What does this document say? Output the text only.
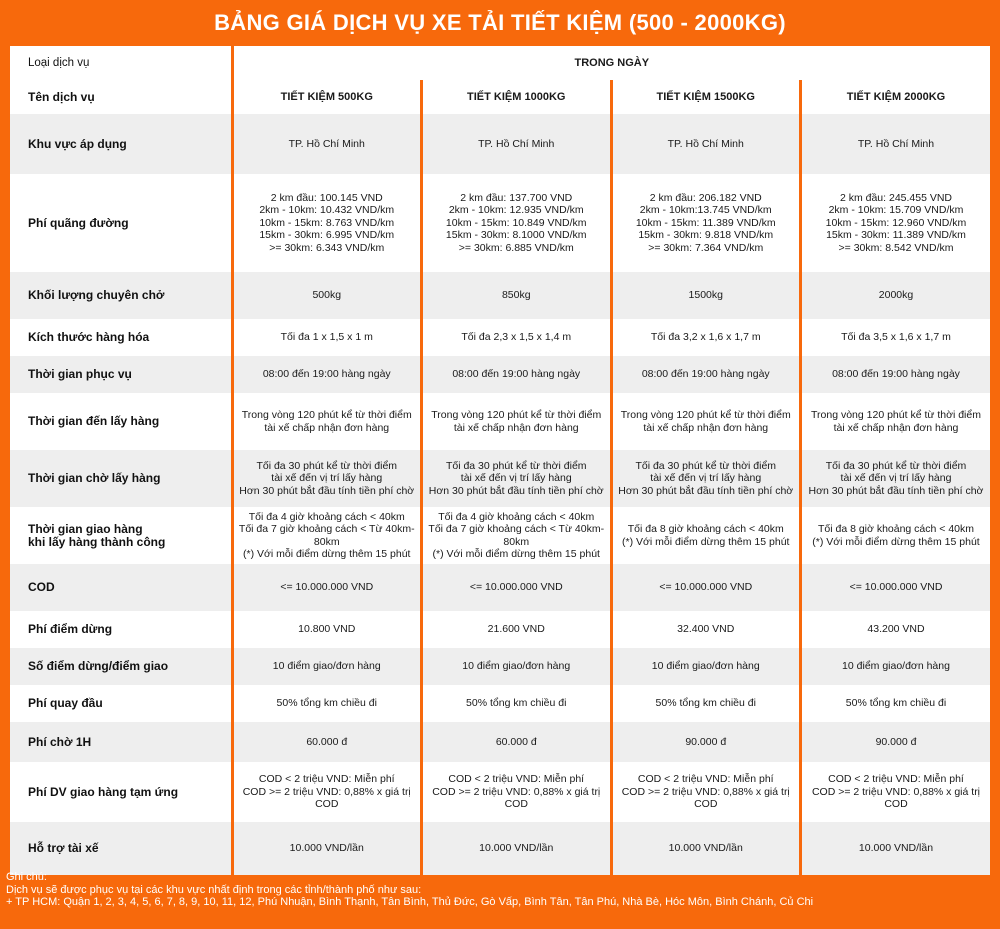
BẢNG GIÁ DỊCH VỤ XE TẢI TIẾT KIỆM (500 - 2000KG)
Loại dịch vụ	TRONG NGÀY			
Tên dịch vụ	TIẾT KIỆM 500KG	TIẾT KIỆM 1000KG	TIẾT KIỆM 1500KG	TIẾT KIỆM 2000KG
Khu vực áp dụng	TP. Hồ Chí Minh	TP. Hồ Chí Minh	TP. Hồ Chí Minh	TP. Hồ Chí Minh
Phí quãng đường	2 km đầu: 100.145 VND
2km - 10km: 10.432 VND/km
10km - 15km: 8.763 VND/km
15km - 30km: 6.995 VND/km
>= 30km: 6.343 VND/km	2 km đầu: 137.700 VND
2km - 10km: 12.935 VND/km
10km - 15km: 10.849 VND/km
15km - 30km: 8.1000 VND/km
>= 30km: 6.885 VND/km	2 km đầu: 206.182 VND
2km - 10km:13.745 VND/km
10km - 15km: 11.389 VND/km
15km - 30km: 9.818 VND/km
>= 30km: 7.364 VND/km	2 km đầu: 245.455 VND
2km - 10km: 15.709 VND/km
10km - 15km: 12.960 VND/km
15km - 30km: 11.389 VND/km
>= 30km: 8.542 VND/km
Khối lượng chuyên chở	500kg	850kg	1500kg	2000kg
Kích thước hàng hóa	Tối đa 1 x 1,5 x 1 m	Tối đa 2,3 x 1,5 x 1,4 m	Tối đa 3,2 x 1,6 x 1,7 m	Tối đa 3,5 x 1,6 x 1,7 m
Thời gian phục vụ	08:00 đến 19:00 hàng ngày	08:00 đến 19:00 hàng ngày	08:00 đến 19:00 hàng ngày	08:00 đến 19:00 hàng ngày
Thời gian đến lấy hàng	Trong vòng 120 phút kể từ thời điểm
tài xế chấp nhận đơn hàng	Trong vòng 120 phút kể từ thời điểm
tài xế chấp nhận đơn hàng	Trong vòng 120 phút kể từ thời điểm
tài xế chấp nhận đơn hàng	Trong vòng 120 phút kể từ thời điểm
tài xế chấp nhận đơn hàng
Thời gian chờ lấy hàng	Tối đa 30 phút kể từ thời điểm
tài xế đến vị trí lấy hàng
Hơn 30 phút bắt đầu tính tiền phí chờ	Tối đa 30 phút kể từ thời điểm
tài xế đến vị trí lấy hàng
Hơn 30 phút bắt đầu tính tiền phí chờ	Tối đa 30 phút kể từ thời điểm
tài xế đến vị trí lấy hàng
Hơn 30 phút bắt đầu tính tiền phí chờ	Tối đa 30 phút kể từ thời điểm
tài xế đến vị trí lấy hàng
Hơn 30 phút bắt đầu tính tiền phí chờ
Thời gian giao hàng
khi lấy hàng thành công	Tối đa 4 giờ khoảng cách < 40km
Tối đa 7 giờ khoảng cách < Từ 40km-80km
(*) Với mỗi điểm dừng thêm 15 phút	Tối đa 4 giờ khoảng cách < 40km
Tối đa 7 giờ khoảng cách < Từ 40km-80km
(*) Với mỗi điểm dừng thêm 15 phút	Tối đa 8 giờ khoảng cách < 40km
(*) Với mỗi điểm dừng thêm 15 phút	Tối đa 8 giờ khoảng cách < 40km
(*) Với mỗi điểm dừng thêm 15 phút
COD	<= 10.000.000 VND	<= 10.000.000 VND	<= 10.000.000 VND	<= 10.000.000 VND
Phí điểm dừng	10.800 VND	21.600 VND	32.400 VND	43.200 VND
Số điểm dừng/điểm giao	10 điểm giao/đơn hàng	10 điểm giao/đơn hàng	10 điểm giao/đơn hàng	10 điểm giao/đơn hàng
Phí quay đầu	50% tổng km chiều đi	50% tổng km chiều đi	50% tổng km chiều đi	50% tổng km chiều đi
Phí chờ 1H	60.000 đ	60.000 đ	90.000 đ	90.000 đ
Phí DV giao hàng tạm ứng	COD < 2 triệu VND: Miễn phí
COD >= 2 triệu VND: 0,88% x giá trị COD	COD < 2 triệu VND: Miễn phí
COD >= 2 triệu VND: 0,88% x giá trị COD	COD < 2 triệu VND: Miễn phí
COD >= 2 triệu VND: 0,88% x giá trị COD	COD < 2 triệu VND: Miễn phí
COD >= 2 triệu VND: 0,88% x giá trị COD
Hỗ trợ tài xế	10.000 VND/lần	10.000 VND/lần	10.000 VND/lần	10.000 VND/lần
Ghi chú:
Dịch vụ sẽ được phục vụ tại các khu vực nhất định trong các tỉnh/thành phố như sau:
+ TP HCM: Quận 1, 2, 3, 4, 5, 6, 7, 8, 9, 10, 11, 12, Phú Nhuận, Bình Thạnh, Tân Bình, Thủ Đức, Gò Vấp, Bình Tân, Tân Phú, Nhà Bè, Hóc Môn, Bình Chánh, Củ Chi
